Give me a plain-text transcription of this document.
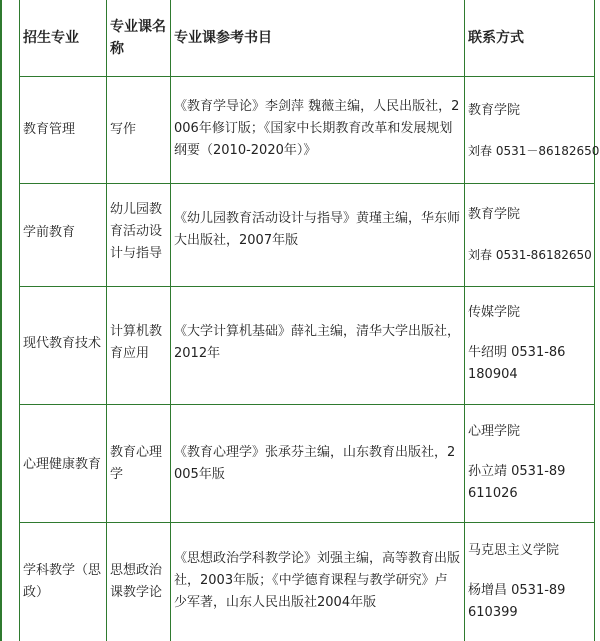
招生专业
专业课名称
专业课参考书目	联系方式
教育管理	写作
《教育学导论》李剑萍 魏薇主编，人民出版社，2006年修订版；《国家中长期教育改革和发展规划纲要（2010-2020年）》
教育学院
刘春 0531－86182650
学前教育
幼儿园教育活动设计与指导
《幼儿园教育活动设计与指导》黄瑾主编，华东师大出版社，2007年版
教育学院
刘春 0531-86182650
现代教育技术
计算机教育应用
《大学计算机基础》薛礼主编，清华大学出版社，2012年
传媒学院
牛绍明 0531-86180904
心理健康教育
教育心理学
《教育心理学》张承芬主编，山东教育出版社，2005年版
心理学院
孙立靖 0531-89611026
学科教学（思政）
思想政治课教学论
《思想政治学科教学论》刘强主编，高等教育出版社，2003年版；《中学德育课程与教学研究》卢少军著，山东人民出版社2004年版
马克思主义学院
杨增昌 0531-89610399
